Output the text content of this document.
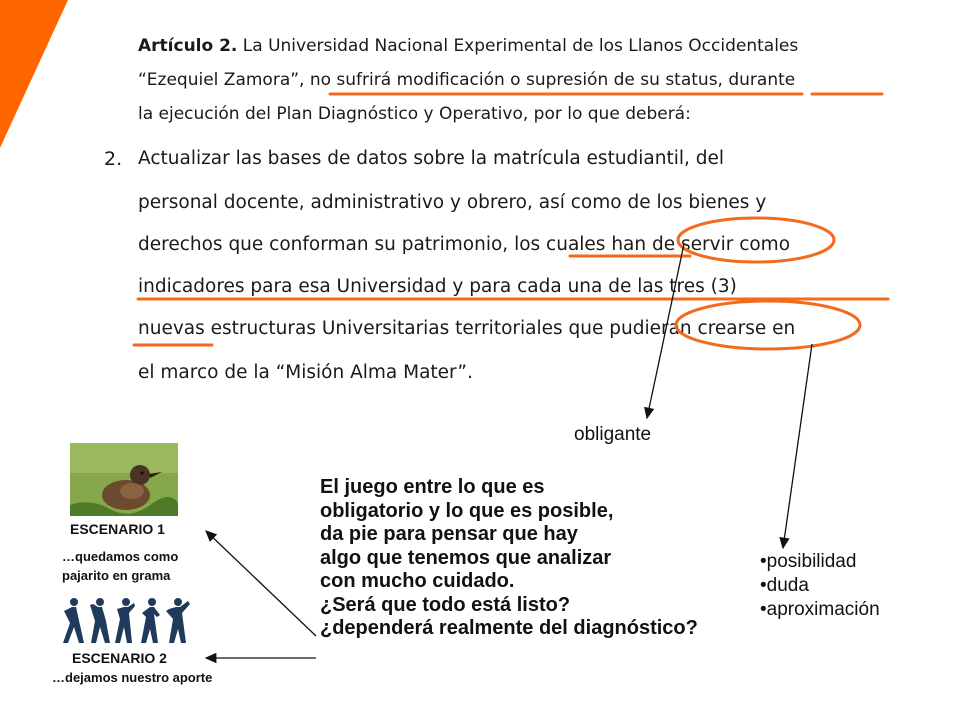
Artículo 2. La Universidad Nacional Experimental de los Llanos Occidentales
“Ezequiel Zamora”, no sufrirá modificación o supresión de su status, durante
la ejecución del Plan Diagnóstico y Operativo, por lo que deberá:
2. Actualizar las bases de datos sobre la matrícula estudiantil, del
personal docente, administrativo y obrero, así como de los bienes y
derechos que conforman su patrimonio, los cuales han de servir como
indicadores para esa Universidad y para cada una de las tres (3)
nuevas estructuras Universitarias territoriales que pudieran crearse en
el marco de la “Misión Alma Mater”.
obligante
ESCENARIO 1
…quedamos como
pajarito en grama
ESCENARIO 2
…dejamos nuestro aporte
El juego entre lo que es
obligatorio y lo que es posible,
da pie para pensar que hay
algo que tenemos que analizar
con mucho cuidado.
¿Será que todo está listo?
¿dependerá realmente del diagnóstico?
•posibilidad
•duda
•aproximación
